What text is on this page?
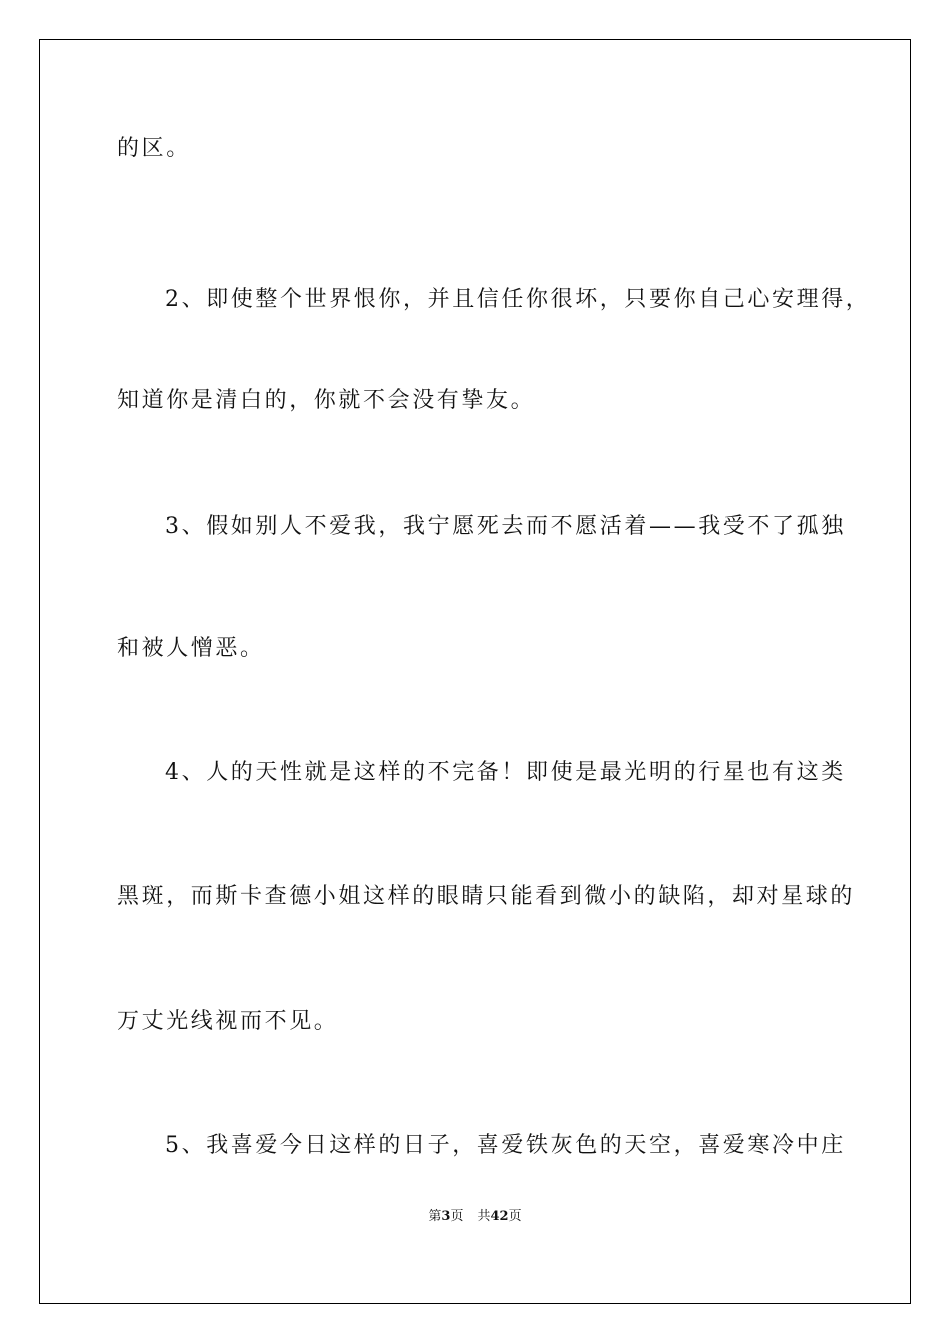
的区。
2、即使整个世界恨你，并且信任你很坏，只要你自己心安理得，
知道你是清白的，你就不会没有挚友。
3、假如别人不爱我，我宁愿死去而不愿活着——我受不了孤独
和被人憎恶。
4、人的天性就是这样的不完备！即使是最光明的行星也有这类
黑斑，而斯卡查德小姐这样的眼睛只能看到微小的缺陷，却对星球的
万丈光线视而不见。
5、我喜爱今日这样的日子，喜爱铁灰色的天空，喜爱寒冷中庄
第3页 共42页
